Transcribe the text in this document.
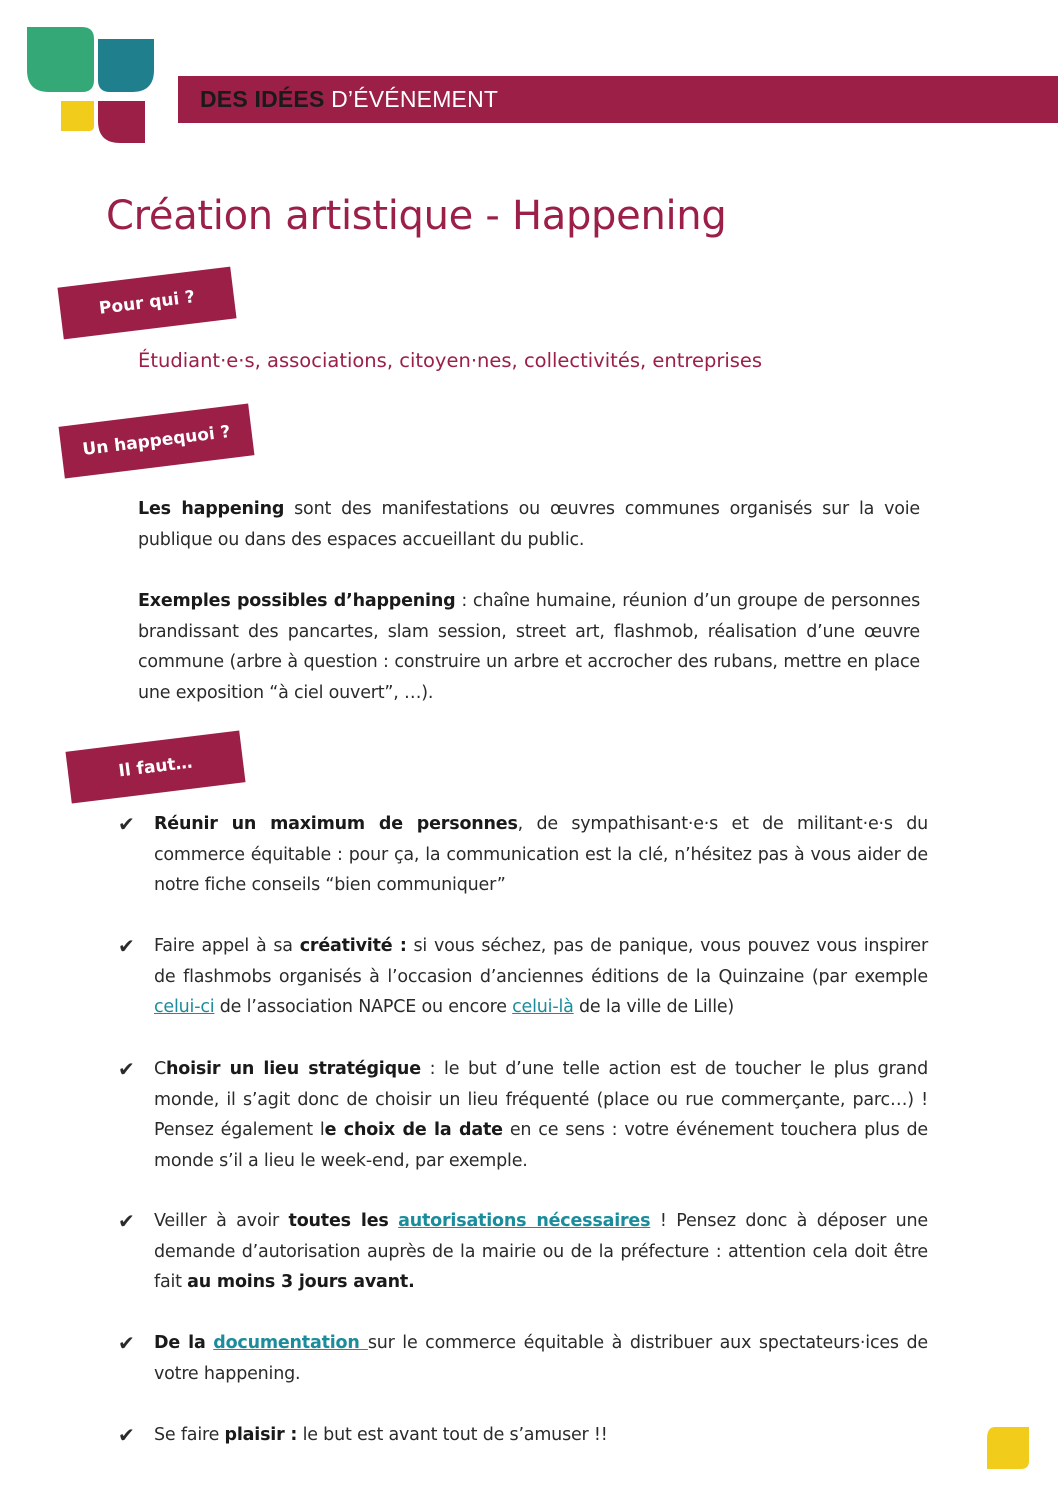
DES IDÉES D’ÉVÉNEMENT
Création artistique - Happening
Pour qui ?
Étudiant·e·s, associations, citoyen·nes, collectivités, entreprises
Un happequoi ?

Les happening sont des manifestations ou œuvres communes organisés sur la voie publique ou dans des espaces accueillant du public.

Exemples possibles d’happening : chaîne humaine, réunion d’un groupe de personnes brandissant des pancartes, slam session, street art, flashmob, réalisation d’une œuvre commune (arbre à question : construire un arbre et accrocher des rubans, mettre en place une exposition “à ciel ouvert”, …).

Il faut…
✔	Réunir un maximum de personnes, de sympathisant·e·s et de militant·e·s du commerce équitable : pour ça, la communication est la clé, n’hésitez pas à vous aider de notre fiche conseils “bien communiquer”
✔	Faire appel à sa créativité : si vous séchez, pas de panique, vous pouvez vous inspirer de flashmobs organisés à l’occasion d’anciennes éditions de la Quinzaine (par exemple celui-ci de l’association NAPCE ou encore celui-là de la ville de Lille)
✔	Choisir un lieu stratégique : le but d’une telle action est de toucher le plus grand monde, il s’agit donc de choisir un lieu fréquenté (place ou rue commerçante, parc…) ! Pensez également le choix de la date en ce sens : votre événement touchera plus de monde s’il a lieu le week-end, par exemple.
✔	Veiller à avoir toutes les autorisations nécessaires ! Pensez donc à déposer une demande d’autorisation auprès de la mairie ou de la préfecture : attention cela doit être fait au moins 3 jours avant.
✔	De la documentation sur le commerce équitable à distribuer aux spectateurs·ices de votre happening.
✔	Se faire plaisir : le but est avant tout de s’amuser !!
